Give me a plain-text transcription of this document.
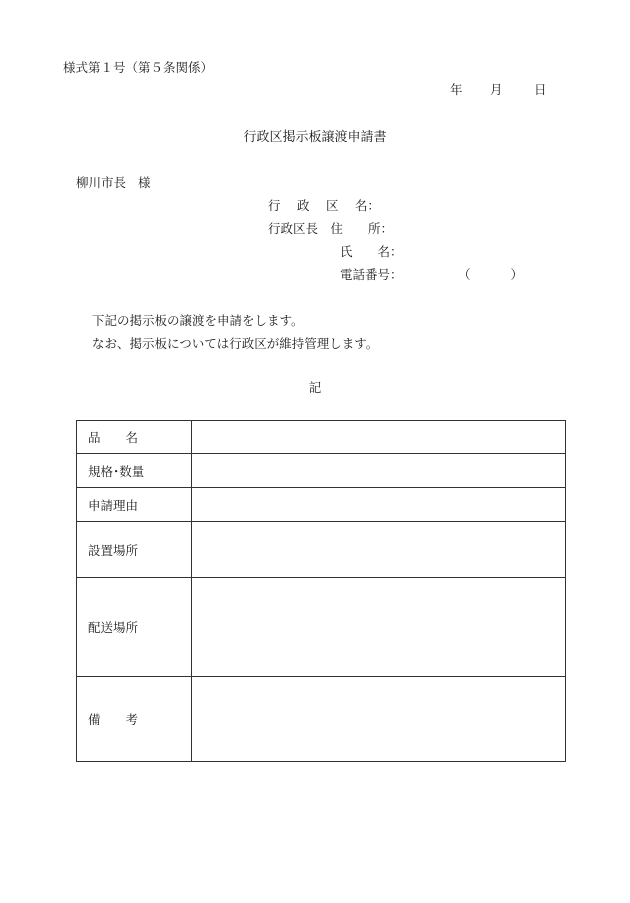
様式第１号（第５条関係）
年 月	日
行政区掲示板譲渡申請書
柳川市長 様
行　 政 　区 　名：
行政区長　 住　　所：
氏　　名：
電話番号：	（	）
下記の掲示板の譲渡を申請をします。
なお、掲示板については行政区が維持管理します。
記
品　　名	
規格･数量	
申請理由	
設置場所	
配送場所	
備　　考	
